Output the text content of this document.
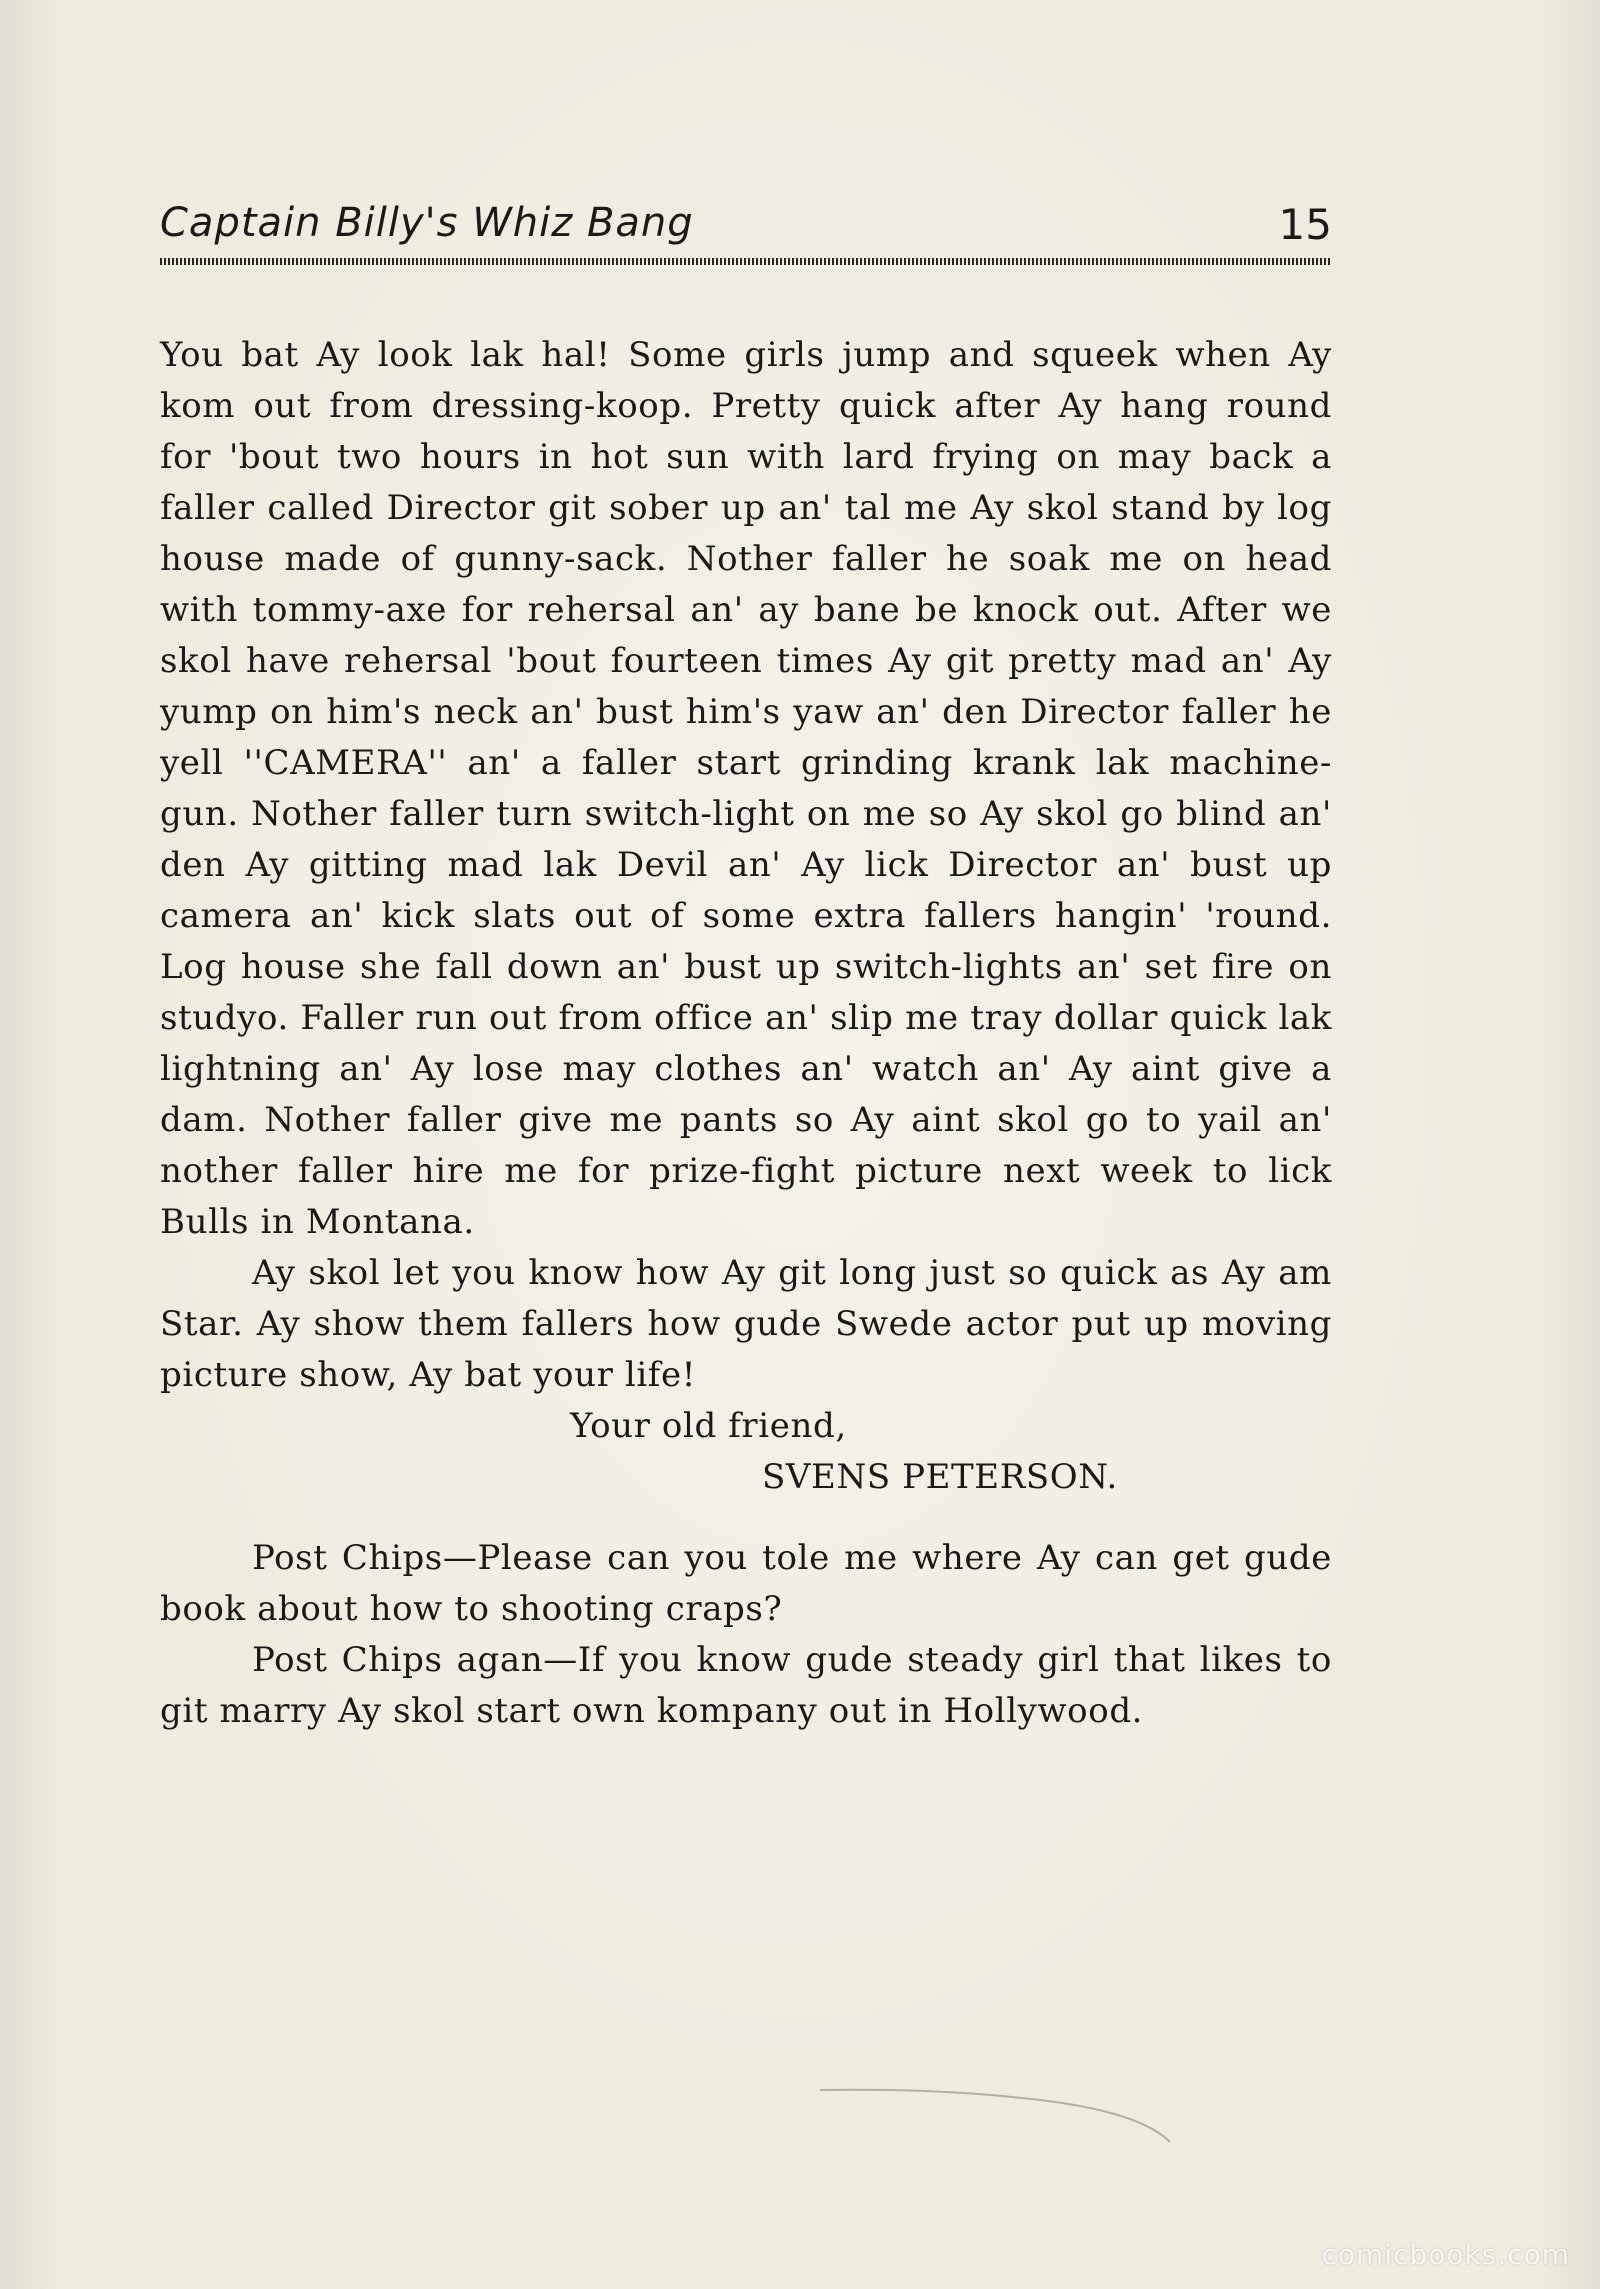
Captain Billy's Whiz Bang	15

You bat Ay look lak hal! Some girls jump and squeek when Ay kom out from dressing-koop. Pretty quick after Ay hang round for 'bout two hours in hot sun with lard frying on may back a faller called Director git sober up an' tal me Ay skol stand by log house made of gunny-sack. Nother faller he soak me on head with tommy-axe for rehersal an' ay bane be knock out. After we skol have rehersal 'bout fourteen times Ay git pretty mad an' Ay yump on him's neck an' bust him's yaw an' den Director faller he yell ''CAMERA'' an' a faller start grinding krank lak machine-gun. Nother faller turn switch-light on me so Ay skol go blind an' den Ay gitting mad lak Devil an' Ay lick Director an' bust up camera an' kick slats out of some extra fallers hangin' 'round. Log house she fall down an' bust up switch-lights an' set fire on studyo. Faller run out from office an' slip me tray dollar quick lak lightning an' Ay lose may clothes an' watch an' Ay aint give a dam. Nother faller give me pants so Ay aint skol go to yail an' nother faller hire me for prize-fight picture next week to lick Bulls in Montana.

Ay skol let you know how Ay git long just so quick as Ay am Star. Ay show them fallers how gude Swede actor put up moving picture show, Ay bat your life!

Your old friend,
SVENS PETERSON.

Post Chips—Please can you tole me where Ay can get gude book about how to shooting craps?

Post Chips agan—If you know gude steady girl that likes to git marry Ay skol start own kompany out in Hollywood.

comicbooks.com
